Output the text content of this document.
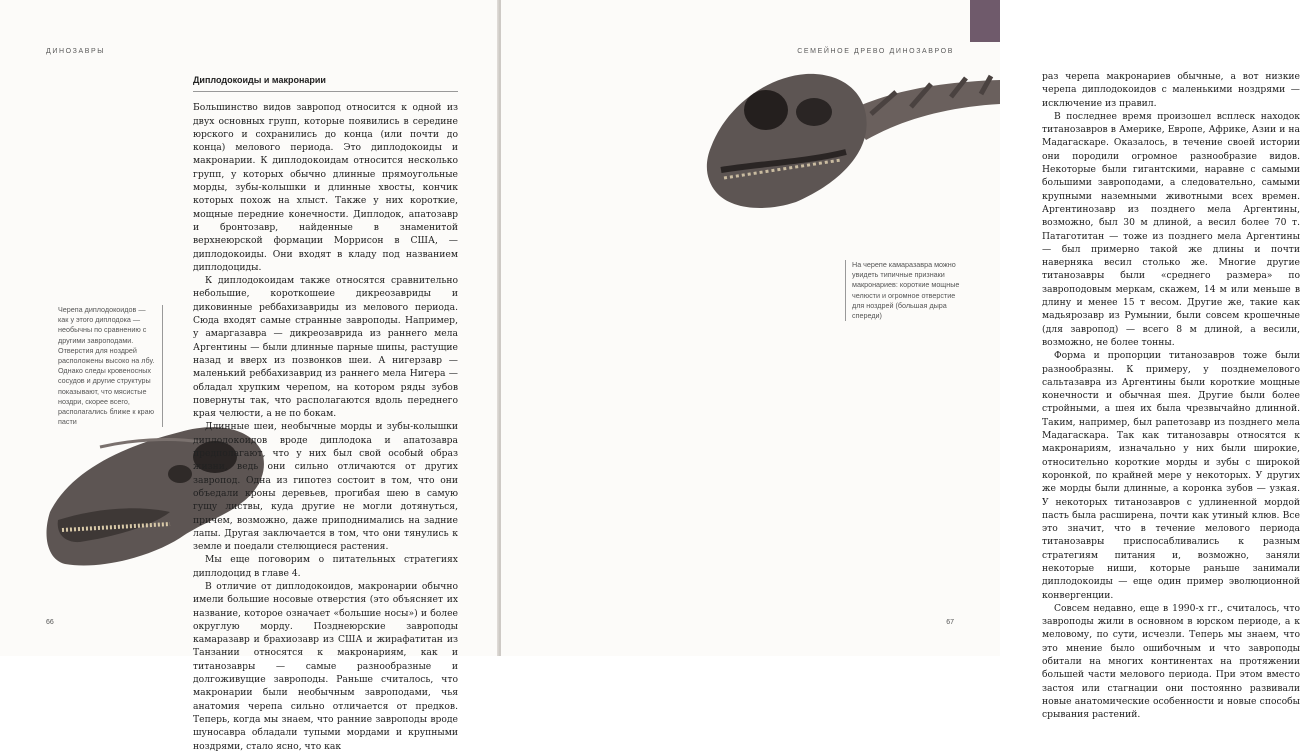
ДИНОЗАВРЫ
Черепа диплодокоидов — как у этого диплодока — необычны по сравнению с другими завроподами. Отверстия для ноздрей расположены высоко на лбу. Однако следы кровеносных сосудов и другие структуры показывают, что мясистые ноздри, скорее всего, располагались ближе к краю пасти
Диплодокоиды и макронарии

Большинство видов завропод относится к одной из двух основных групп, которые появились в середине юрского и сохранились до конца (или почти до конца) мелового периода. Это диплодокоиды и макронарии. К диплодокоидам относится несколько групп, у которых обычно длинные прямоугольные морды, зубы-колышки и длинные хвосты, кончик которых похож на хлыст. Также у них короткие, мощные передние конечности. Диплодок, апатозавр и бронтозавр, найденные в знаменитой верхнеюрской формации Моррисон в США, — диплодокоиды. Они входят в кладу под названием диплодоциды.

К диплодокоидам также относятся сравнительно небольшие, короткошеие дикреозавриды и диковинные реббахизавриды из мелового периода. Сюда входят самые странные завроподы. Например, у амаргазавра — дикреозаврида из раннего мела Аргентины — были длинные парные шипы, растущие назад и вверх из позвонков шеи. А нигерзавр — маленький реббахизаврид из раннего мела Нигера — обладал хрупким черепом, на котором ряды зубов повернуты так, что располагаются вдоль переднего края челюсти, а не по бокам.

Длинные шеи, необычные морды и зубы-колышки диплодокоидов вроде диплодока и апатозавра предполагают, что у них был свой особый образ жизни, ведь они сильно отличаются от других завропод. Одна из гипотез состоит в том, что они объедали кроны деревьев, прогибая шею в самую гущу листвы, куда другие не могли дотянуться, причем, возможно, даже приподнимались на задние лапы. Другая заключается в том, что они тянулись к земле и поедали стелющиеся растения.

Мы еще поговорим о питательных стратегиях диплодоцид в главе 4.

В отличие от диплодокоидов, макронарии обычно имели большие носовые отверстия (это объясняет их название, которое означает «большие носы») и более округлую морду. Позднеюрские завроподы камаразавр и брахиозавр из США и жирафатитан из Танзании относятся к макронариям, как и титанозавры — самые разнообразные и долгоживущие завроподы. Раньше считалось, что макронарии были необычным завроподами, чья анатомия черепа сильно отличается от предков. Теперь, когда мы знаем, что ранние завроподы вроде шуносавра обладали тупыми мордами и крупными ноздрями, стало ясно, что как

66
СЕМЕЙНОЕ ДРЕВО ДИНОЗАВРОВ

раз черепа макронариев обычные, а вот низкие черепа диплодокоидов с маленькими ноздрями — исключение из правил.

В последнее время произошел всплеск находок титанозавров в Америке, Европе, Африке, Азии и на Мадагаскаре. Оказалось, в течение своей истории они породили огромное разнообразие видов. Некоторые были гигантскими, наравне с самыми большими завроподами, а следовательно, самыми крупными наземными животными всех времен. Аргентинозавр из позднего мела Аргентины, возможно, был 30 м длиной, а весил более 70 т. Патаготитан — тоже из позднего мела Аргентины — был примерно такой же длины и почти наверняка весил столько же. Многие другие титанозавры были «среднего размера» по завроподовым меркам, скажем, 14 м или меньше в длину и менее 15 т весом. Другие же, такие как мадьярозавр из Румынии, были совсем крошечные (для завропод) — всего 8 м длиной, а весили, возможно, не более тонны.

Форма и пропорции титанозавров тоже были разнообразны. К примеру, у позднемелового сальтазавра из Аргентины были короткие мощные конечности и обычная шея. Другие были более стройными, а шея их была чрезвычайно длинной. Таким, например, был рапетозавр из позднего мела Мадагаскара. Так как титанозавры относятся к макронариям, изначально у них были широкие, относительно короткие морды и зубы с широкой коронкой, по крайней мере у некоторых. У других же морды были длинные, а коронка зубов — узкая. У некоторых титанозавров с удлиненной мордой пасть была расширена, почти как утиный клюв. Все это значит, что в течение мелового периода титанозавры приспосабливались к разным стратегиям питания и, возможно, заняли некоторые ниши, которые раньше занимали диплодокоиды — еще один пример эволюционной конвергенции.

Совсем недавно, еще в 1990-х гг., считалось, что завроподы жили в основном в юрском периоде, а к меловому, по сути, исчезли. Теперь мы знаем, что это мнение было ошибочным и что завроподы обитали на многих континентах на протяжении большей части мелового периода. При этом вместо застоя или стагнации они постоянно развивали новые анатомические особенности и новые способы срывания растений.

67
На черепе камаразавра можно увидеть типичные признаки макронариев: короткие мощные челюсти и огромное отверстие для ноздрей (большая дыра спереди)
